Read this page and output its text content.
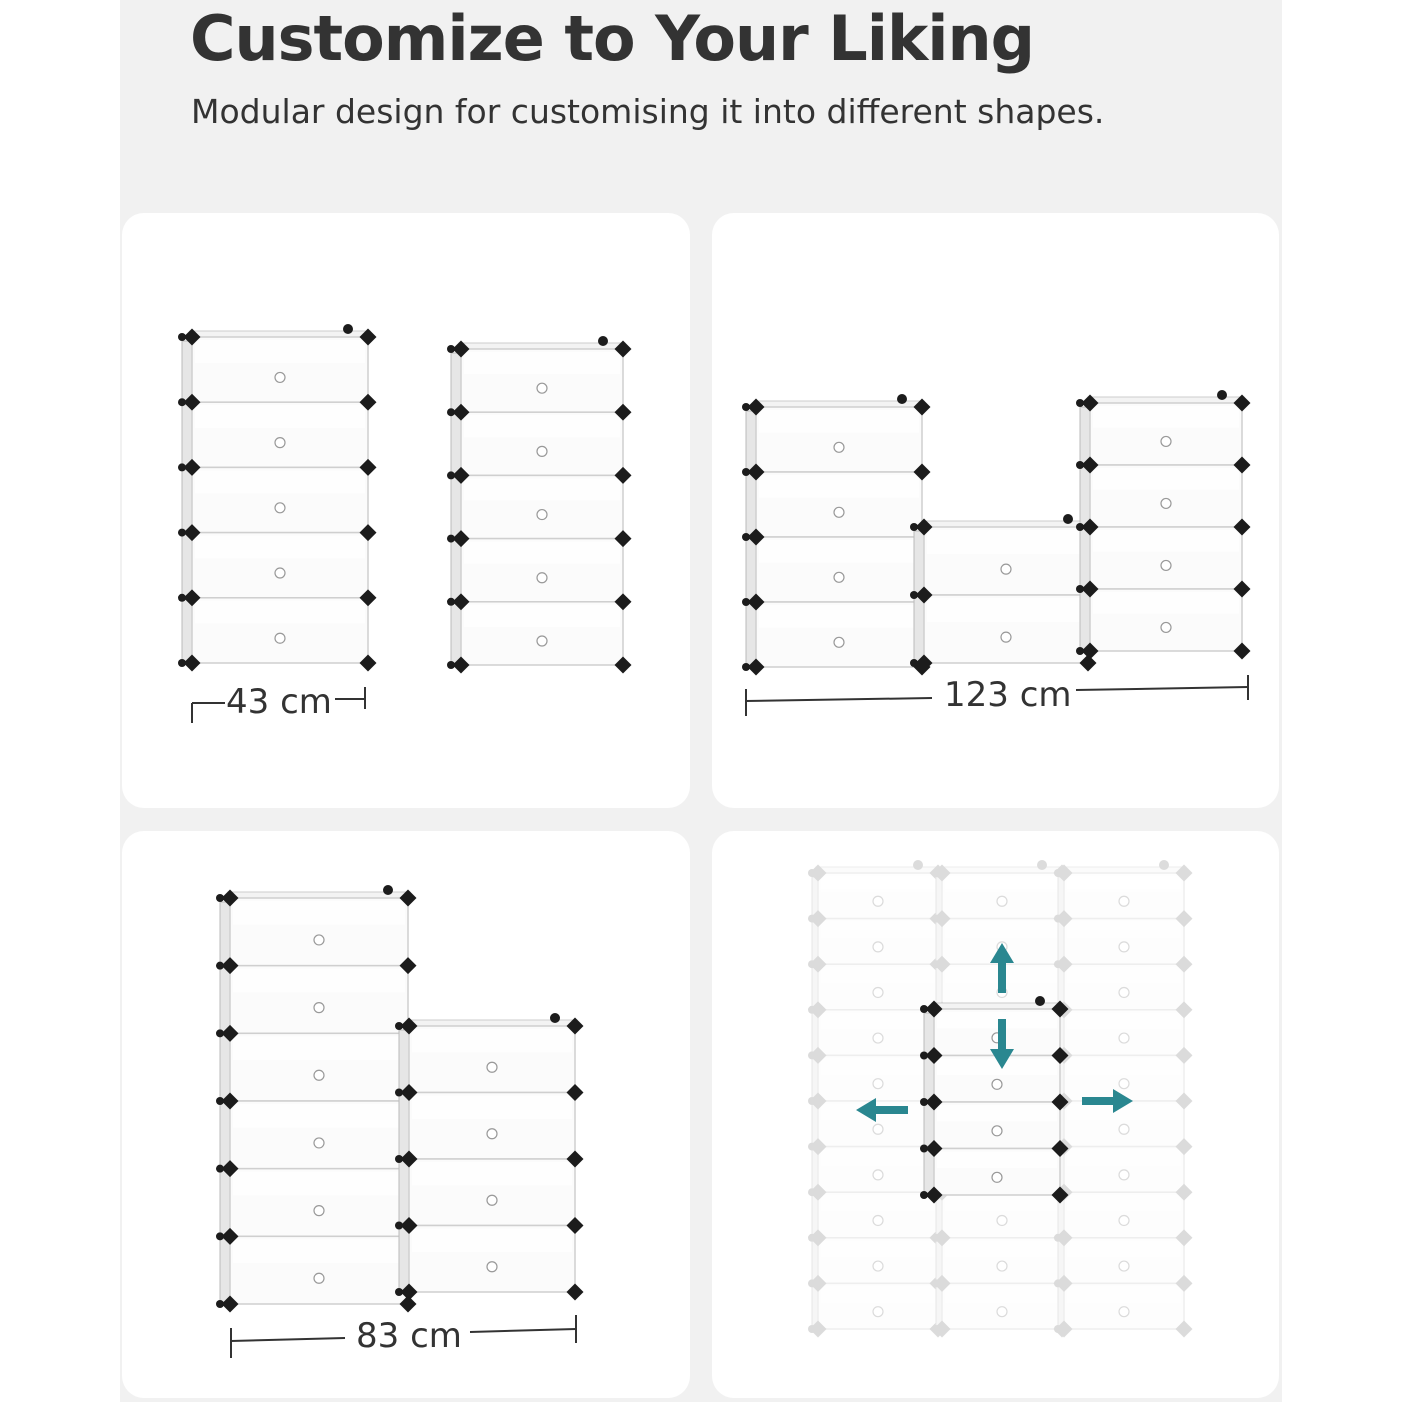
Customize to Your Liking
Modular design for customising it into different shapes.
43 cm	123 cm
83 cm
